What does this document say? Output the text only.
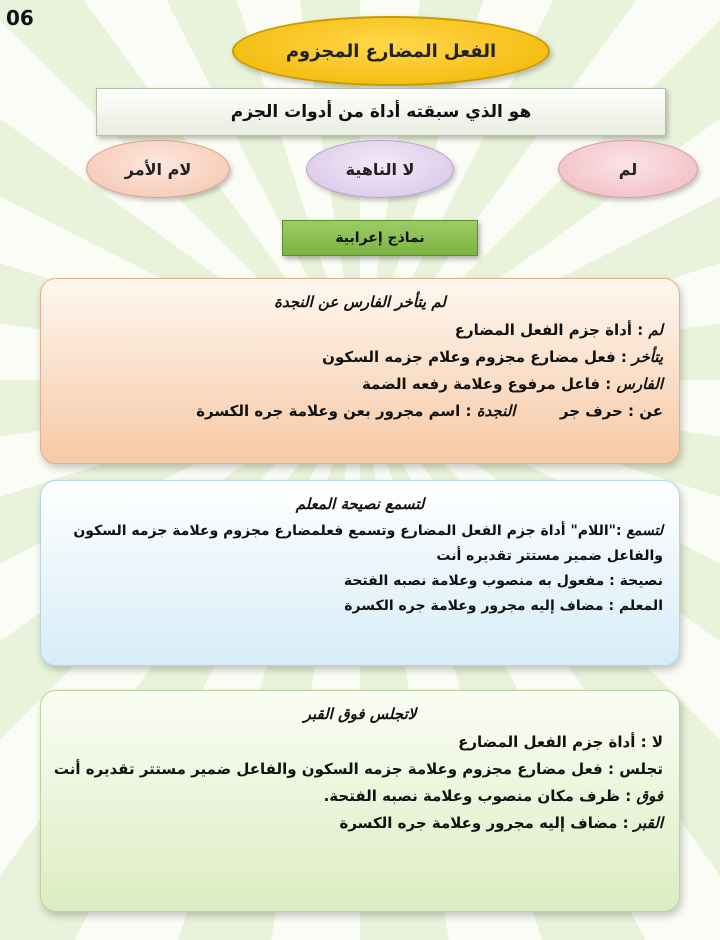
06
الفعل المضارع المجزوم
هو الذي سبقته أداة من أدوات الجزم
لم
لا الناهية
لام الأمر
نماذج إعرابية
لم يتأخر الفارس عن النجدة
لم : أداة جزم الفعل المضارع
يتأخر : فعل مضارع مجزوم وعلام جزمه السكون
الفارس : فاعل مرفوع وعلامة رفعه الضمة
عن : حرف جر  النجدة : اسم مجرور بعن وعلامة جره الكسرة
لتسمع نصيحة المعلم
لتسمع :"اللام" أداة جزم الفعل المضارع وتسمع فعلمضارع مجزوم وعلامة جزمه السكون والفاعل ضمير مستتر تقديره أنت
نصيحة : مفعول به منصوب وعلامة نصبه الفتحة
المعلم : مضاف إليه مجرور وعلامة جره الكسرة
لاتجلس فوق القبر
لا : أداة جزم الفعل المضارع
تجلس : فعل مضارع مجزوم وعلامة جزمه السكون والفاعل ضمير مستتر تقديره أنت
فوق : ظرف مكان منصوب وعلامة نصبه الفتحة.
القبر : مضاف إليه مجرور وعلامة جره الكسرة
